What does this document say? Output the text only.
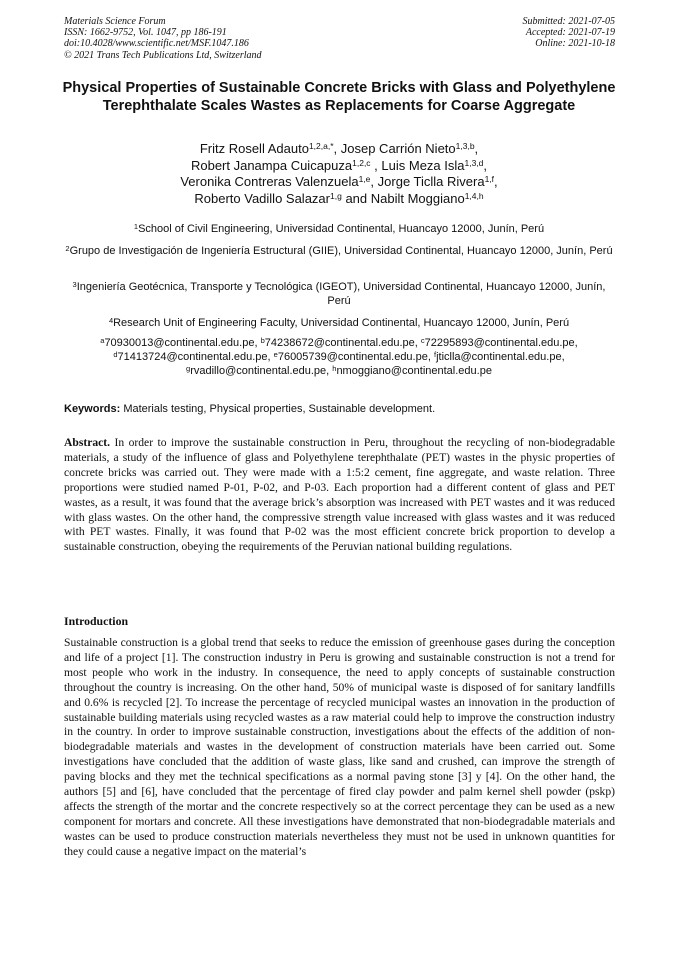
Materials Science Forum
ISSN: 1662-9752, Vol. 1047, pp 186-191
doi:10.4028/www.scientific.net/MSF.1047.186
© 2021 Trans Tech Publications Ltd, Switzerland
Submitted: 2021-07-05
Accepted: 2021-07-19
Online: 2021-10-18
Physical Properties of Sustainable Concrete Bricks with Glass and Polyethylene Terephthalate Scales Wastes as Replacements for Coarse Aggregate
Fritz Rosell Adauto$^{1,2,a,*}$, Josep Carrión Nieto$^{1,3,b}$,
Robert Janampa Cuicapuza$^{1,2,c}$ , Luis Meza Isla$^{1,3,d}$,
Veronika Contreras Valenzuela$^{1,e}$, Jorge Ticlla Rivera$^{1,f}$,
Roberto Vadillo Salazar$^{1,g}$ and Nabilt Moggiano$^{1,4,h}$
$^1$School of Civil Engineering, Universidad Continental, Huancayo 12000, Junín, Perú
$^2$Grupo de Investigación de Ingeniería Estructural (GIIE), Universidad Continental, Huancayo 12000, Junín, Perú
$^3$Ingeniería Geotécnica, Transporte y Tecnológica (IGEOT), Universidad Continental, Huancayo 12000, Junín, Perú
$^4$Research Unit of Engineering Faculty, Universidad Continental, Huancayo 12000, Junín, Perú
$^a$70930013@continental.edu.pe, $^b$74238672@continental.edu.pe, $^c$72295893@continental.edu.pe,
$^d$71413724@continental.edu.pe, $^e$76005739@continental.edu.pe, $^f$jticlla@continental.edu.pe,
$^g$rvadillo@continental.edu.pe, $^h$nmoggiano@continental.edu.pe
Keywords: Materials testing, Physical properties, Sustainable development.

Abstract. In order to improve the sustainable construction in Peru, throughout the recycling of non-biodegradable materials, a study of the influence of glass and Polyethylene terephthalate (PET) wastes in the physic properties of concrete bricks was carried out. They were made with a 1:5:2 cement, fine aggregate, and waste relation. Three proportions were studied named P-01, P-02, and P-03. Each proportion had a different content of glass and PET wastes, as a result, it was found that the average brick’s absorption was increased with PET wastes and it was reduced with glass wastes. On the other hand, the compressive strength value increased with glass wastes and it was reduced with PET wastes. Finally, it was found that P-02 was the most efficient concrete brick proportion to develop a sustainable construction, obeying the requirements of the Peruvian national building regulations.

Introduction

Sustainable construction is a global trend that seeks to reduce the emission of greenhouse gases during the conception and life of a project [1]. The construction industry in Peru is growing and sustainable construction is not a trend for most people who work in the industry. In consequence, the need to apply concepts of sustainable construction throughout the country is increasing. On the other hand, 50% of municipal waste is disposed of for sanitary landfills and 0.6% is recycled [2]. To increase the percentage of recycled municipal wastes an innovation in the production of sustainable building materials using recycled wastes as a raw material could help to improve the construction industry in the country. In order to improve sustainable construction, investigations about the effects of the addition of non-biodegradable materials and wastes in the development of construction materials have been carried out. Some investigations have concluded that the addition of waste glass, like sand and crushed, can improve the strength of paving blocks and they met the technical specifications as a normal paving stone [3] y [4]. On the other hand, the authors [5] and [6], have concluded that the percentage of fired clay powder and palm kernel shell powder (pskp) affects the strength of the mortar and the concrete respectively so at the correct percentage they can be used as a new component for mortars and concrete. All these investigations have demonstrated that non-biodegradable materials and wastes can be used to produce construction materials nevertheless they must not be used in unknown quantities for they could cause a negative impact on the material’s
